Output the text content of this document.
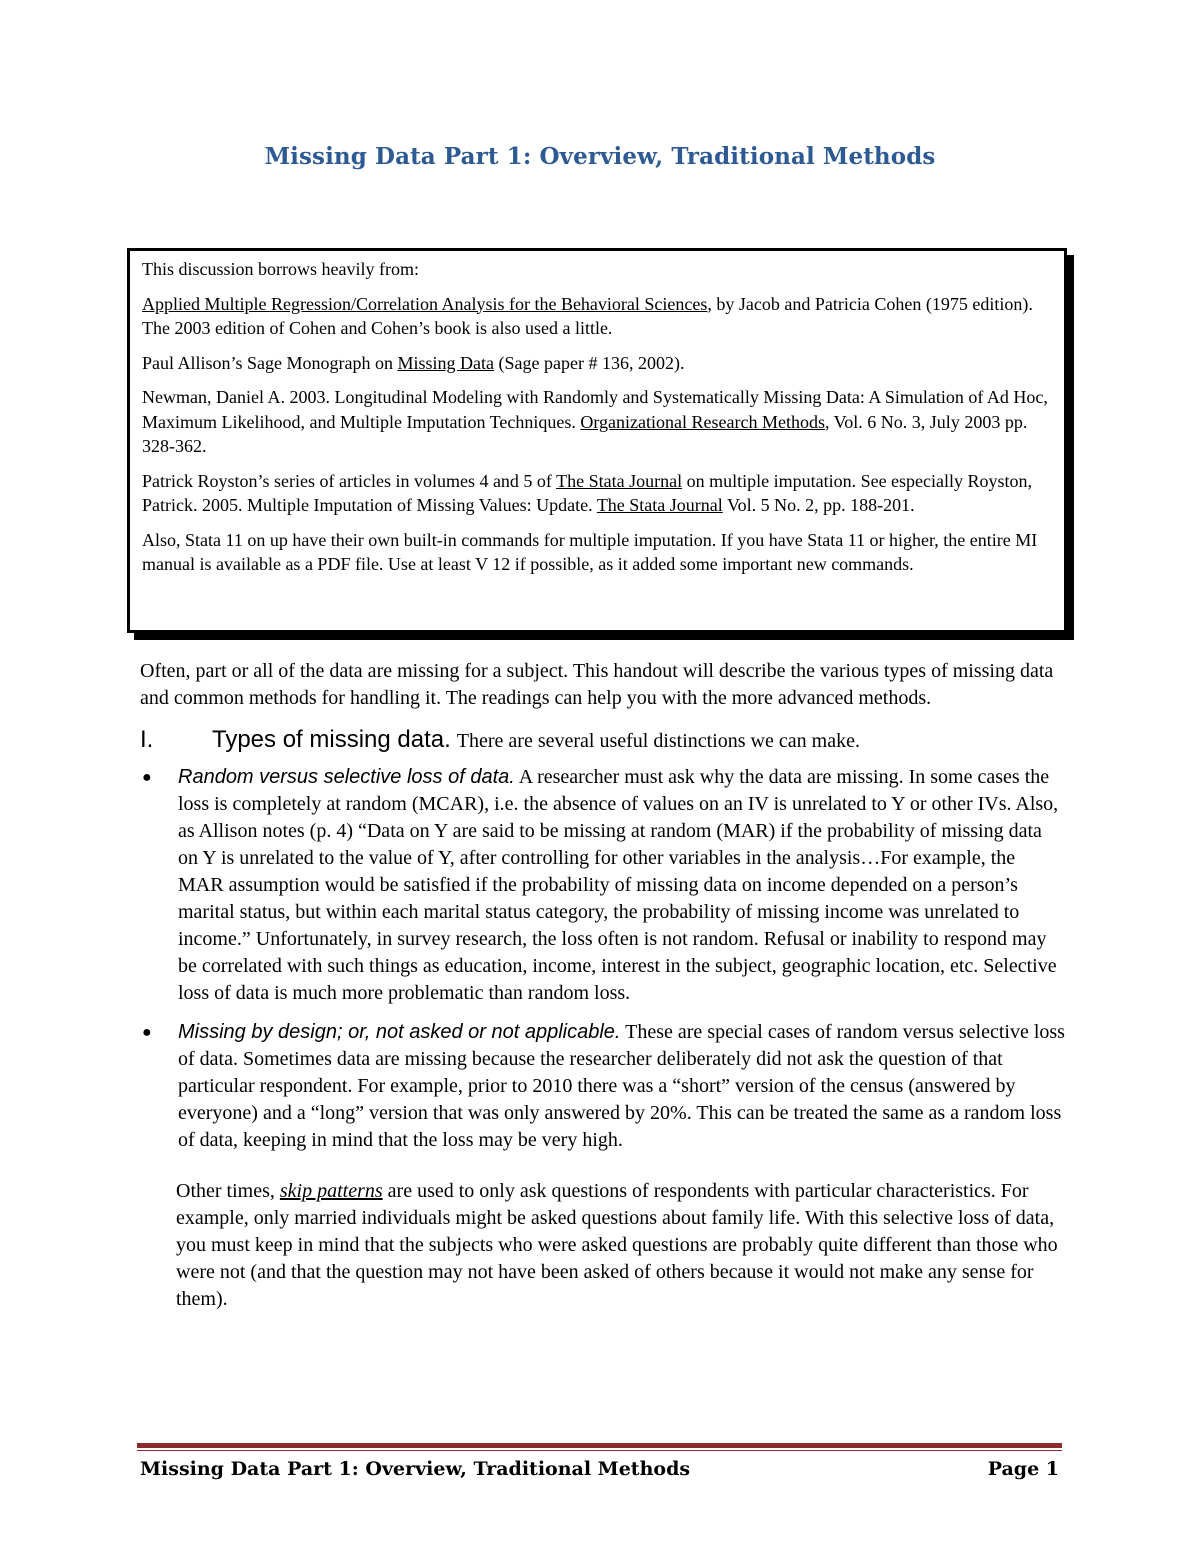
Missing Data Part 1: Overview, Traditional Methods

This discussion borrows heavily from:

Applied Multiple Regression/Correlation Analysis for the Behavioral Sciences, by Jacob and Patricia Cohen (1975 edition). The 2003 edition of Cohen and Cohen’s book is also used a little.

Paul Allison’s Sage Monograph on Missing Data (Sage paper # 136, 2002).

Newman, Daniel A. 2003. Longitudinal Modeling with Randomly and Systematically Missing Data: A Simulation of Ad Hoc, Maximum Likelihood, and Multiple Imputation Techniques. Organizational Research Methods, Vol. 6 No. 3, July 2003 pp. 328-362.

Patrick Royston’s series of articles in volumes 4 and 5 of The Stata Journal on multiple imputation. See especially Royston, Patrick. 2005. Multiple Imputation of Missing Values: Update. The Stata Journal Vol. 5 No. 2, pp. 188-201.

Also, Stata 11 on up have their own built-in commands for multiple imputation. If you have Stata 11 or higher, the entire MI manual is available as a PDF file. Use at least V 12 if possible, as it added some important new commands.

Often, part or all of the data are missing for a subject. This handout will describe the various types of missing data and common methods for handling it. The readings can help you with the more advanced methods.

I.	Types of missing data. There are several useful distinctions we can make.
●	Random versus selective loss of data. A researcher must ask why the data are missing. In some cases the loss is completely at random (MCAR), i.e. the absence of values on an IV is unrelated to Y or other IVs. Also, as Allison notes (p. 4) “Data on Y are said to be missing at random (MAR) if the probability of missing data on Y is unrelated to the value of Y, after controlling for other variables in the analysis…For example, the MAR assumption would be satisfied if the probability of missing data on income depended on a person’s marital status, but within each marital status category, the probability of missing income was unrelated to income.” Unfortunately, in survey research, the loss often is not random. Refusal or inability to respond may be correlated with such things as education, income, interest in the subject, geographic location, etc. Selective loss of data is much more problematic than random loss.
●	Missing by design; or, not asked or not applicable. These are special cases of random versus selective loss of data. Sometimes data are missing because the researcher deliberately did not ask the question of that particular respondent. For example, prior to 2010 there was a “short” version of the census (answered by everyone) and a “long” version that was only answered by 20%. This can be treated the same as a random loss of data, keeping in mind that the loss may be very high.

Other times, skip patterns are used to only ask questions of respondents with particular characteristics. For example, only married individuals might be asked questions about family life. With this selective loss of data, you must keep in mind that the subjects who were asked questions are probably quite different than those who were not (and that the question may not have been asked of others because it would not make any sense for them).

Missing Data Part 1: Overview, Traditional Methods	Page 1
